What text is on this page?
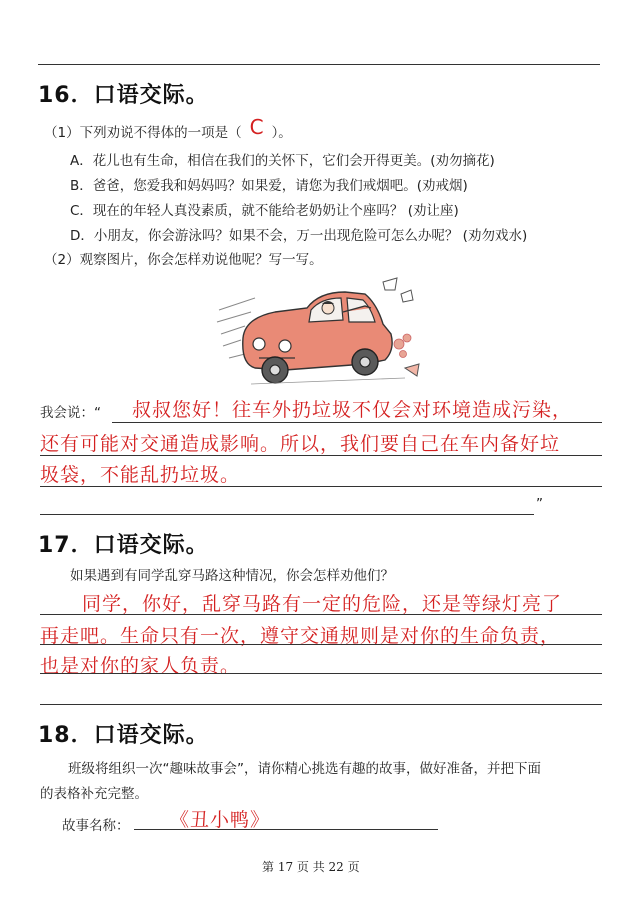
16．口语交际。
（1）下列劝说不得体的一项是（ C ）。
A．花儿也有生命，相信在我们的关怀下，它们会开得更美。(劝勿摘花)
B．爸爸，您爱我和妈妈吗？如果爱，请您为我们戒烟吧。(劝戒烟)
C．现在的年轻人真没素质，就不能给老奶奶让个座吗？ (劝让座)
D．小朋友，你会游泳吗？如果不会，万一出现危险可怎么办呢？ (劝勿戏水)
（2）观察图片，你会怎样劝说他呢？写一写。
我会说：“ 叔叔您好！往车外扔垃圾不仅会对环境造成污染，
还有可能对交通造成影响。所以，我们要自己在车内备好垃
圾袋，不能乱扔垃圾。
”
17．口语交际。
如果遇到有同学乱穿马路这种情况，你会怎样劝他们？
同学，你好，乱穿马路有一定的危险，还是等绿灯亮了
再走吧。生命只有一次，遵守交通规则是对你的生命负责，
也是对你的家人负责。
18．口语交际。
班级将组织一次“趣味故事会”，请你精心挑选有趣的故事，做好准备，并把下面
的表格补充完整。
故事名称： 《丑小鸭》
第 17 页 共 22 页
